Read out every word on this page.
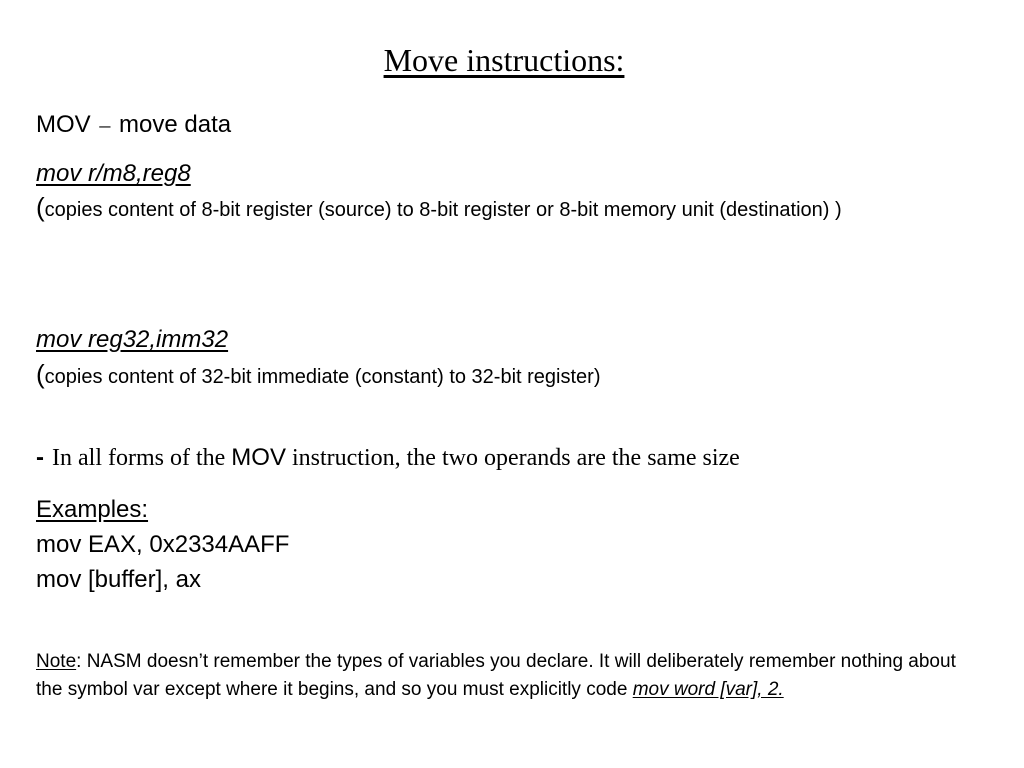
Move instructions:
MOV – move data
mov r/m8,reg8
(copies content of 8-bit register (source) to 8-bit register or 8-bit memory unit (destination) )
mov reg32,imm32
(copies content of 32-bit immediate (constant) to 32-bit register)
- In all forms of the MOV instruction, the two operands are the same size
Examples:
mov EAX, 0x2334AAFF
mov [buffer], ax
Note: NASM doesn’t remember the types of variables you declare. It will deliberately remember nothing about the symbol var except where it begins, and so you must explicitly code mov word [var], 2.
